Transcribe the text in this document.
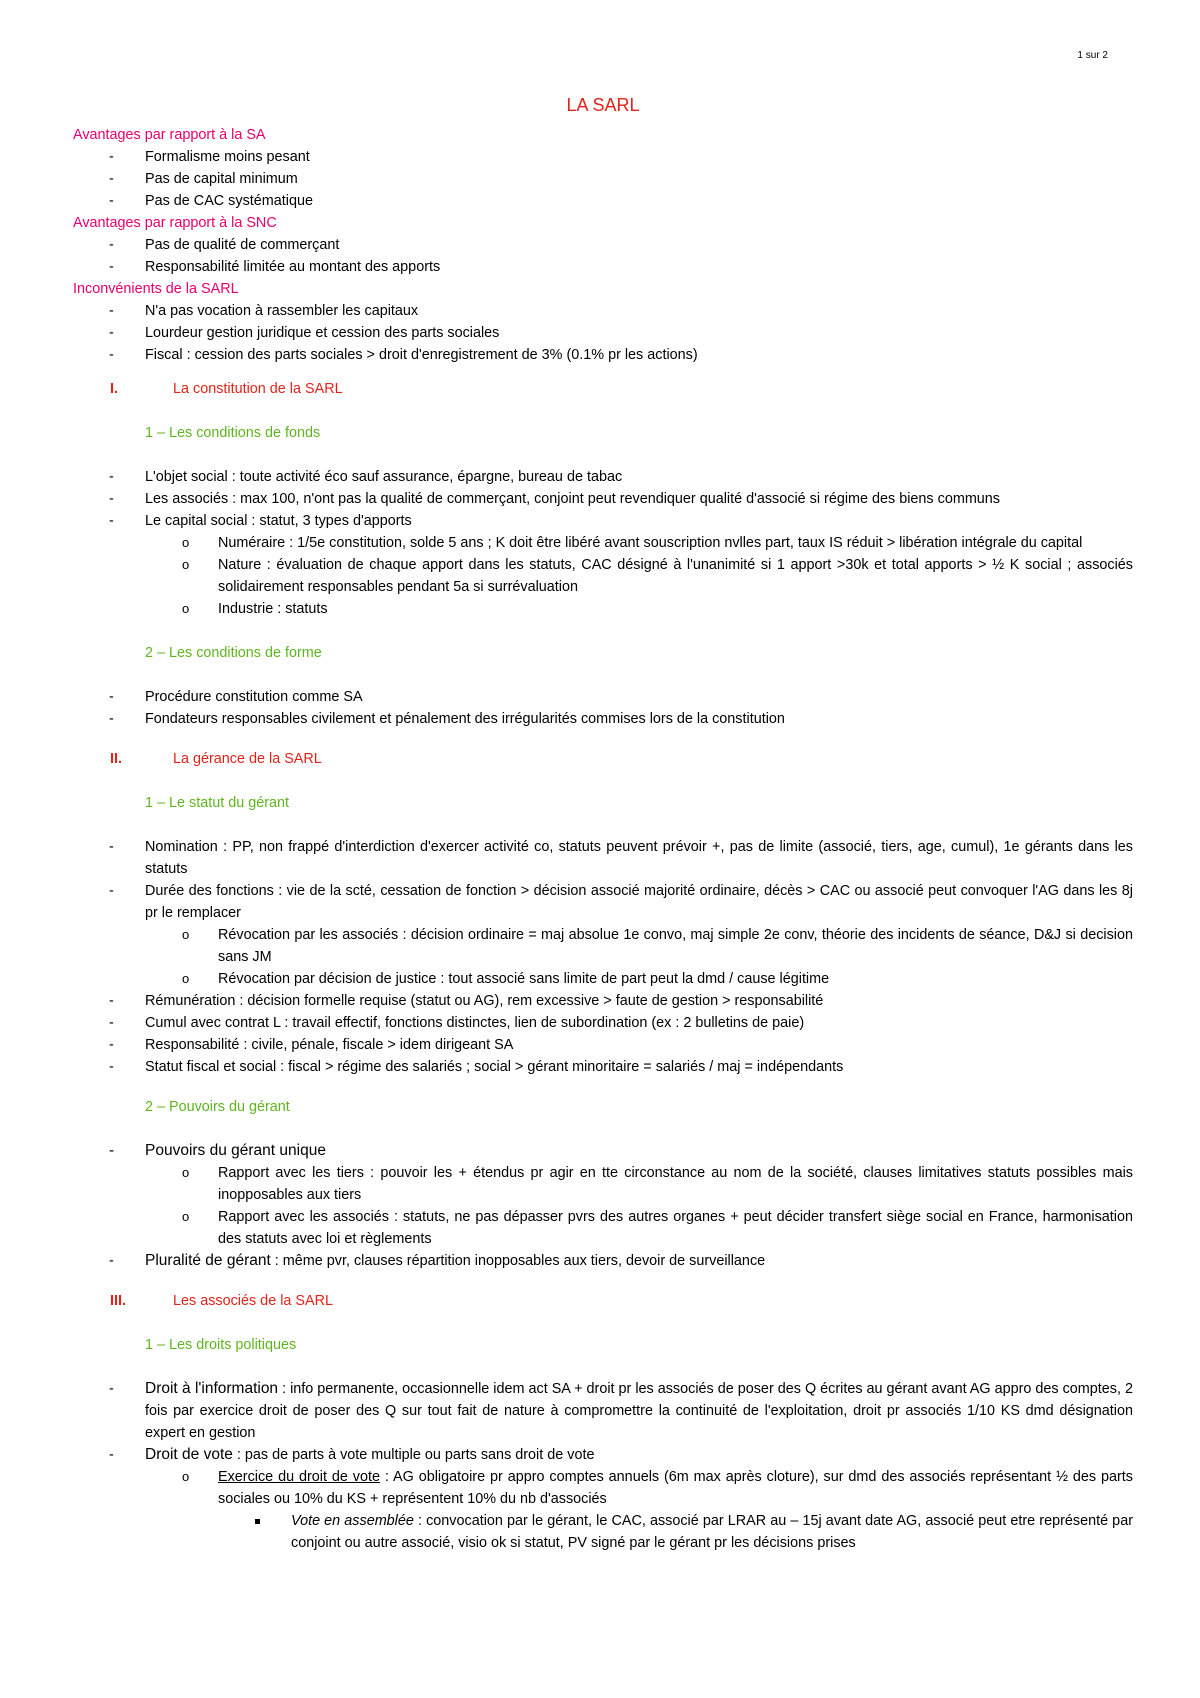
1 sur 2
LA SARL
Avantages par rapport à la SA
- Formalisme moins pesant
- Pas de capital minimum
- Pas de CAC systématique
Avantages par rapport à la SNC
- Pas de qualité de commerçant
- Responsabilité limitée au montant des apports
Inconvénients de la SARL
- N'a pas vocation à rassembler les capitaux
- Lourdeur gestion juridique et cession des parts sociales
- Fiscal : cession des parts sociales > droit d'enregistrement de 3% (0.1% pr les actions)
I.	La constitution de la SARL
1 – Les conditions de fonds
- L'objet social : toute activité éco sauf assurance, épargne, bureau de tabac
- Les associés : max 100, n'ont pas la qualité de commerçant, conjoint peut revendiquer qualité d'associé si régime des biens communs
- Le capital social : statut, 3 types d'apports
o Numéraire : 1/5e constitution, solde 5 ans ; K doit être libéré avant souscription nvlles part, taux IS réduit > libération intégrale du capital
o Nature : évaluation de chaque apport dans les statuts, CAC désigné à l'unanimité si 1 apport >30k et total apports > ½ K social ; associés solidairement responsables pendant 5a si surrévaluation
o Industrie : statuts
2 – Les conditions de forme
- Procédure constitution comme SA
- Fondateurs responsables civilement et pénalement des irrégularités commises lors de la constitution
II.	La gérance de la SARL
1 – Le statut du gérant
- Nomination : PP, non frappé d'interdiction d'exercer activité co, statuts peuvent prévoir +, pas de limite (associé, tiers, age, cumul), 1e gérants dans les statuts
- Durée des fonctions : vie de la scté, cessation de fonction > décision associé majorité ordinaire, décès > CAC ou associé peut convoquer l'AG dans les 8j pr le remplacer
o Révocation par les associés : décision ordinaire = maj absolue 1e convo, maj simple 2e conv, théorie des incidents de séance, D&J si decision sans JM
o Révocation par décision de justice : tout associé sans limite de part peut la dmd / cause légitime
- Rémunération : décision formelle requise (statut ou AG), rem excessive > faute de gestion > responsabilité
- Cumul avec contrat L : travail effectif, fonctions distinctes, lien de subordination (ex : 2 bulletins de paie)
- Responsabilité : civile, pénale, fiscale > idem dirigeant SA
- Statut fiscal et social : fiscal > régime des salariés ; social > gérant minoritaire = salariés / maj = indépendants
2 – Pouvoirs du gérant
- Pouvoirs du gérant unique
o Rapport avec les tiers : pouvoir les + étendus pr agir en tte circonstance au nom de la société, clauses limitatives statuts possibles mais inopposables aux tiers
o Rapport avec les associés : statuts, ne pas dépasser pvrs des autres organes + peut décider transfert siège social en France, harmonisation des statuts avec loi et règlements
- Pluralité de gérant : même pvr, clauses répartition inopposables aux tiers, devoir de surveillance
III.	Les associés de la SARL
1 – Les droits politiques
- Droit à l'information : info permanente, occasionnelle idem act SA + droit pr les associés de poser des Q écrites au gérant avant AG appro des comptes, 2 fois par exercice droit de poser des Q sur tout fait de nature à compromettre la continuité de l'exploitation, droit pr associés 1/10 KS dmd désignation expert en gestion
- Droit de vote : pas de parts à vote multiple ou parts sans droit de vote
o Exercice du droit de vote : AG obligatoire pr appro comptes annuels (6m max après cloture), sur dmd des associés représentant ½ des parts sociales ou 10% du KS + représentent 10% du nb d'associés
Vote en assemblée : convocation par le gérant, le CAC, associé par LRAR au – 15j avant date AG, associé peut etre représenté par conjoint ou autre associé, visio ok si statut, PV signé par le gérant pr les décisions prises
